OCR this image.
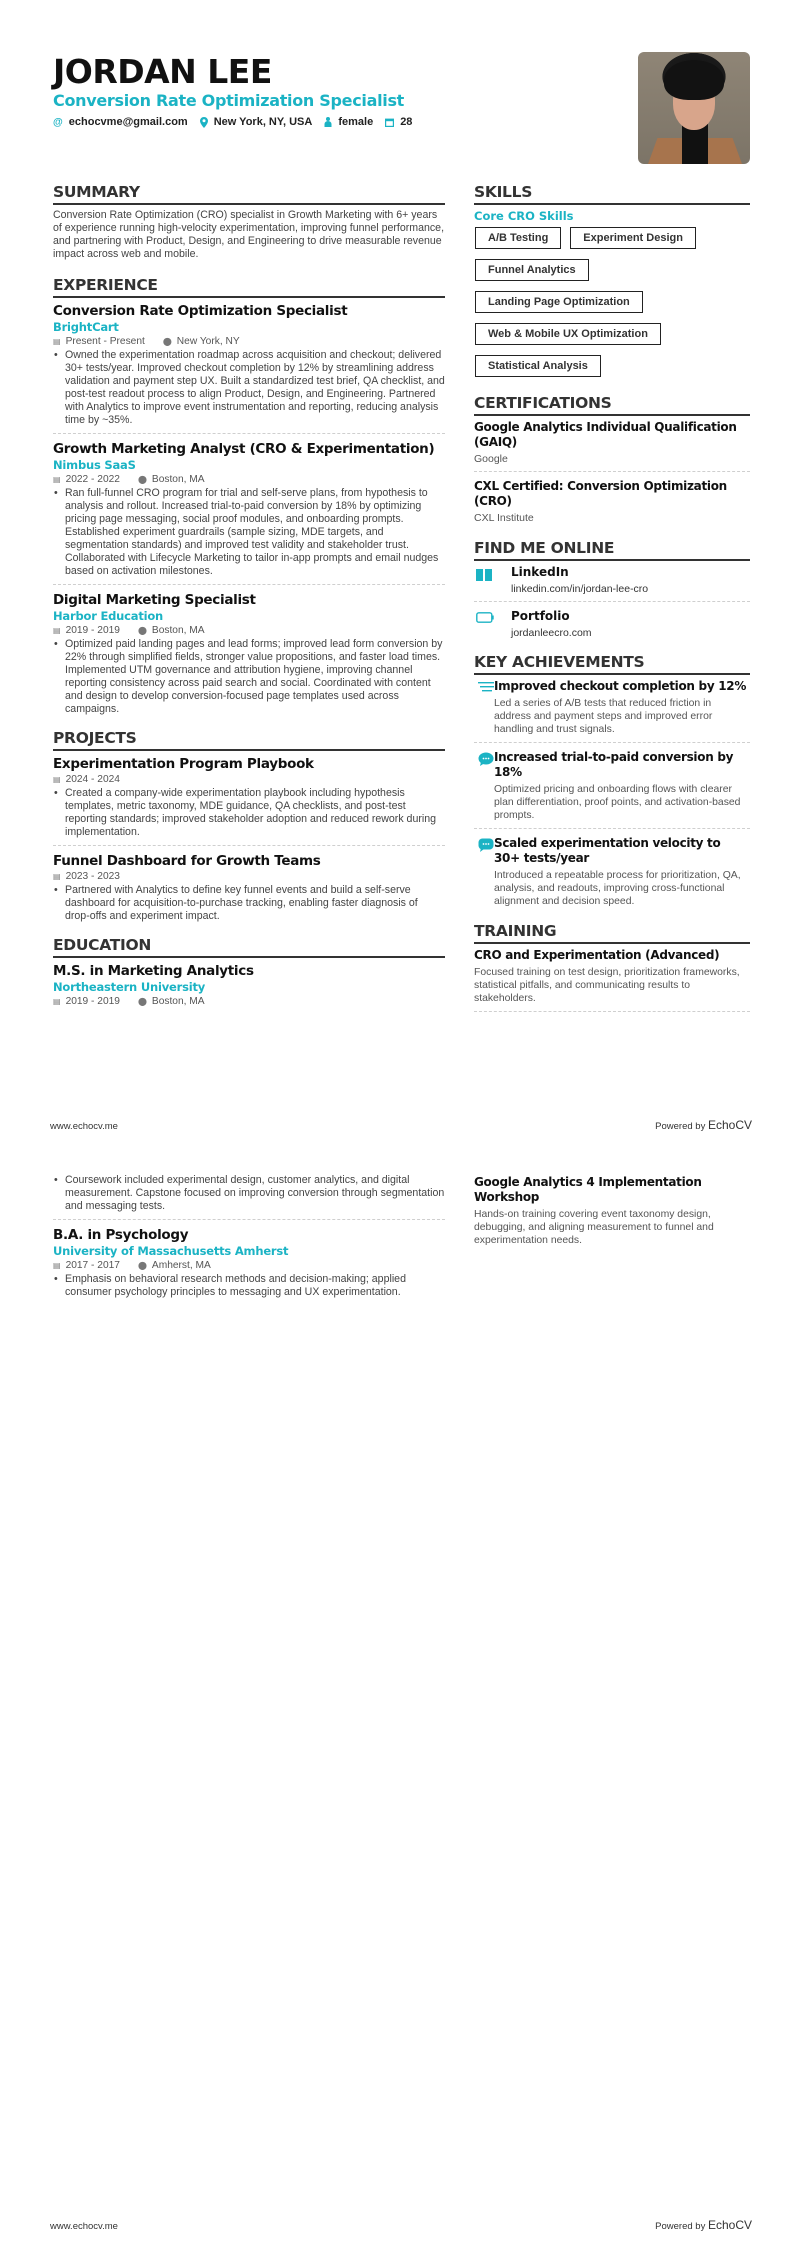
JORDAN LEE
Conversion Rate Optimization Specialist
@ echocvme@gmail.com New York, NY, USA female 28
SUMMARY
Conversion Rate Optimization (CRO) specialist in Growth Marketing with 6+ years of experience running high-velocity experimentation, improving funnel performance, and partnering with Product, Design, and Engineering to drive measurable revenue impact across web and mobile.
EXPERIENCE
Conversion Rate Optimization Specialist
BrightCart
▤ Present - Present ⬤ New York, NY
• Owned the experimentation roadmap across acquisition and checkout; delivered 30+ tests/year. Improved checkout completion by 12% by streamlining address validation and payment step UX. Built a standardized test brief, QA checklist, and post-test readout process to align Product, Design, and Engineering. Partnered with Analytics to improve event instrumentation and reporting, reducing analysis time by ~35%.
Growth Marketing Analyst (CRO & Experimentation)
Nimbus SaaS
▤ 2022 - 2022 ⬤ Boston, MA
• Ran full-funnel CRO program for trial and self-serve plans, from hypothesis to analysis and rollout. Increased trial-to-paid conversion by 18% by optimizing pricing page messaging, social proof modules, and onboarding prompts. Established experiment guardrails (sample sizing, MDE targets, and segmentation standards) and improved test validity and stakeholder trust. Collaborated with Lifecycle Marketing to tailor in-app prompts and email nudges based on activation milestones.
Digital Marketing Specialist
Harbor Education
▤ 2019 - 2019 ⬤ Boston, MA
• Optimized paid landing pages and lead forms; improved lead form conversion by 22% through simplified fields, stronger value propositions, and faster load times. Implemented UTM governance and attribution hygiene, improving channel reporting consistency across paid search and social. Coordinated with content and design to develop conversion-focused page templates used across campaigns.
PROJECTS
Experimentation Program Playbook
▤ 2024 - 2024
• Created a company-wide experimentation playbook including hypothesis templates, metric taxonomy, MDE guidance, QA checklists, and post-test reporting standards; improved stakeholder adoption and reduced rework during implementation.
Funnel Dashboard for Growth Teams
▤ 2023 - 2023
• Partnered with Analytics to define key funnel events and build a self-serve dashboard for acquisition-to-purchase tracking, enabling faster diagnosis of drop-offs and experiment impact.
EDUCATION
M.S. in Marketing Analytics
Northeastern University
▤ 2019 - 2019 ⬤ Boston, MA
SKILLS
Core CRO Skills
A/B Testing	Experiment Design
Funnel Analytics
Landing Page Optimization
Web & Mobile UX Optimization
Statistical Analysis
CERTIFICATIONS
Google Analytics Individual Qualification (GAIQ)
Google
CXL Certified: Conversion Optimization (CRO)
CXL Institute
FIND ME ONLINE
LinkedIn
linkedin.com/in/jordan-lee-cro
Portfolio
jordanleecro.com
KEY ACHIEVEMENTS
Improved checkout completion by 12%
Led a series of A/B tests that reduced friction in address and payment steps and improved error handling and trust signals.
Increased trial-to-paid conversion by 18%
Optimized pricing and onboarding flows with clearer plan differentiation, proof points, and activation-based prompts.
Scaled experimentation velocity to 30+ tests/year
Introduced a repeatable process for prioritization, QA, analysis, and readouts, improving cross-functional alignment and decision speed.
TRAINING
CRO and Experimentation (Advanced)
Focused training on test design, prioritization frameworks, statistical pitfalls, and communicating results to stakeholders.
www.echocv.me	Powered by EchoCV
• Coursework included experimental design, customer analytics, and digital measurement. Capstone focused on improving conversion through segmentation and messaging tests.
B.A. in Psychology
University of Massachusetts Amherst
▤ 2017 - 2017 ⬤ Amherst, MA
• Emphasis on behavioral research methods and decision-making; applied consumer psychology principles to messaging and UX experimentation.
Google Analytics 4 Implementation Workshop
Hands-on training covering event taxonomy design, debugging, and aligning measurement to funnel and experimentation needs.
www.echocv.me	Powered by EchoCV
